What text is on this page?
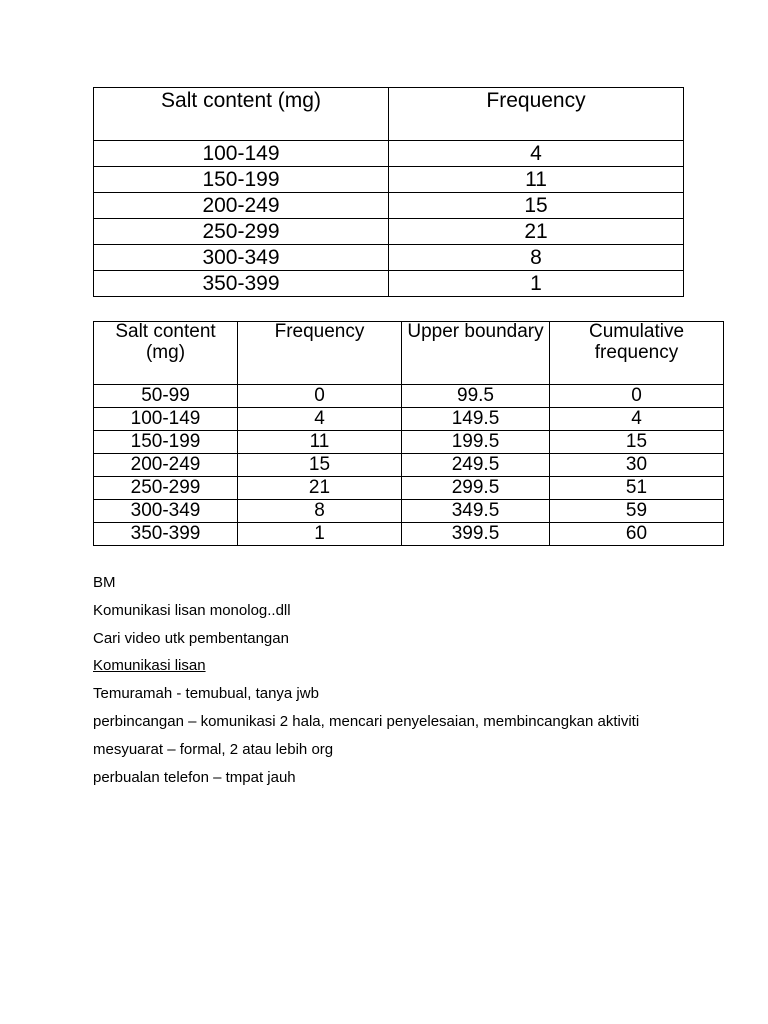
Salt content (mg)	Frequency
100-149	4
150-199	11
200-249	15
250-299	21
300-349	8
350-399	1
Salt content (mg)	Frequency	Upper boundary	Cumulative frequency
50-99	0	99.5	0
100-149	4	149.5	4
150-199	11	199.5	15
200-249	15	249.5	30
250-299	21	299.5	51
300-349	8	349.5	59
350-399	1	399.5	60

BM

Komunikasi lisan monolog..dll

Cari video utk pembentangan

Komunikasi lisan

Temuramah - temubual, tanya jwb

perbincangan – komunikasi 2 hala, mencari penyelesaian, membincangkan aktiviti

mesyuarat – formal, 2 atau lebih org

perbualan telefon – tmpat jauh
